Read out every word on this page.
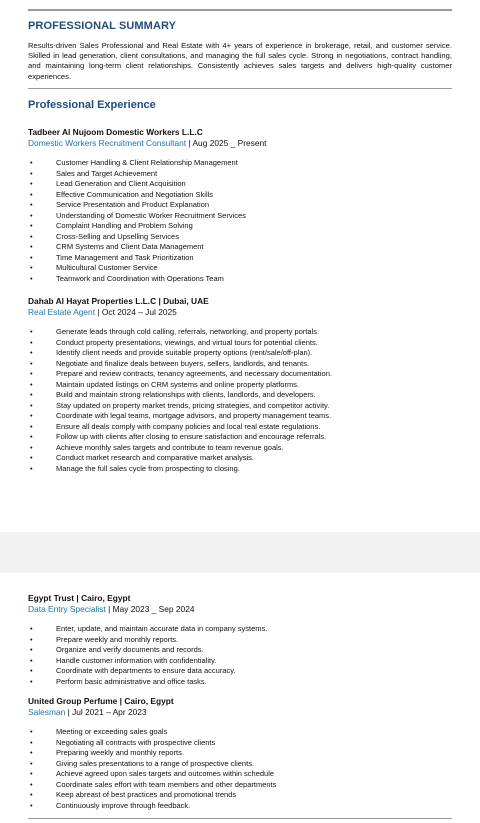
PROFESSIONAL SUMMARY

Results-driven Sales Professional and Real Estate with 4+ years of experience in brokerage, retail, and customer service. Skilled in lead generation, client consultations, and managing the full sales cycle. Strong in negotiations, contract handling, and maintaining long-term client relationships. Consistently achieves sales targets and delivers high-quality customer experiences.

Professional Experience
Tadbeer Al Nujoom Domestic Workers L.L.C
Domestic Workers Recruitment Consultant | Aug 2025 _ Present
• Customer Handling & Client Relationship Management
• Sales and Target Achievement
• Lead Generation and Client Acquisition
• Effective Communication and Negotiation Skills
• Service Presentation and Product Explanation
• Understanding of Domestic Worker Recruitment Services
• Complaint Handling and Problem Solving
• Cross-Selling and Upselling Services
• CRM Systems and Client Data Management
• Time Management and Task Prioritization
• Multicultural Customer Service
• Teamwork and Coordination with Operations Team
Dahab Al Hayat Properties L.L.C | Dubai, UAE
Real Estate Agent | Oct 2024 – Jul 2025
• Generate leads through cold calling, referrals, networking, and property portals.
• Conduct property presentations, viewings, and virtual tours for potential clients.
• Identify client needs and provide suitable property options (rent/sale/off-plan).
• Negotiate and finalize deals between buyers, sellers, landlords, and tenants.
• Prepare and review contracts, tenancy agreements, and necessary documentation.
• Maintain updated listings on CRM systems and online property platforms.
• Build and maintain strong relationships with clients, landlords, and developers.
• Stay updated on property market trends, pricing strategies, and competitor activity.
• Coordinate with legal teams, mortgage advisors, and property management teams.
• Ensure all deals comply with company policies and local real estate regulations.
• Follow up with clients after closing to ensure satisfaction and encourage referrals.
• Achieve monthly sales targets and contribute to team revenue goals.
• Conduct market research and comparative market analysis.
• Manage the full sales cycle from prospecting to closing.
Egypt Trust | Cairo, Egypt
Data Entry Specialist | May 2023 _ Sep 2024
• Enter, update, and maintain accurate data in company systems.
• Prepare weekly and monthly reports.
• Organize and verify documents and records.
• Handle customer information with confidentiality.
• Coordinate with departments to ensure data accuracy.
• Perform basic administrative and office tasks.
United Group Perfume | Cairo, Egypt
Salesman | Jul 2021 – Apr 2023
• Meeting or exceeding sales goals
• Negotiating all contracts with prospective clients
• Preparing weekly and monthly reports.
• Giving sales presentations to a range of prospective clients.
• Achieve agreed upon sales targets and outcomes within schedule
• Coordinate sales effort with team members and other departments
• Keep abreast of best practices and promotional trends
• Continuously improve through feedback.
